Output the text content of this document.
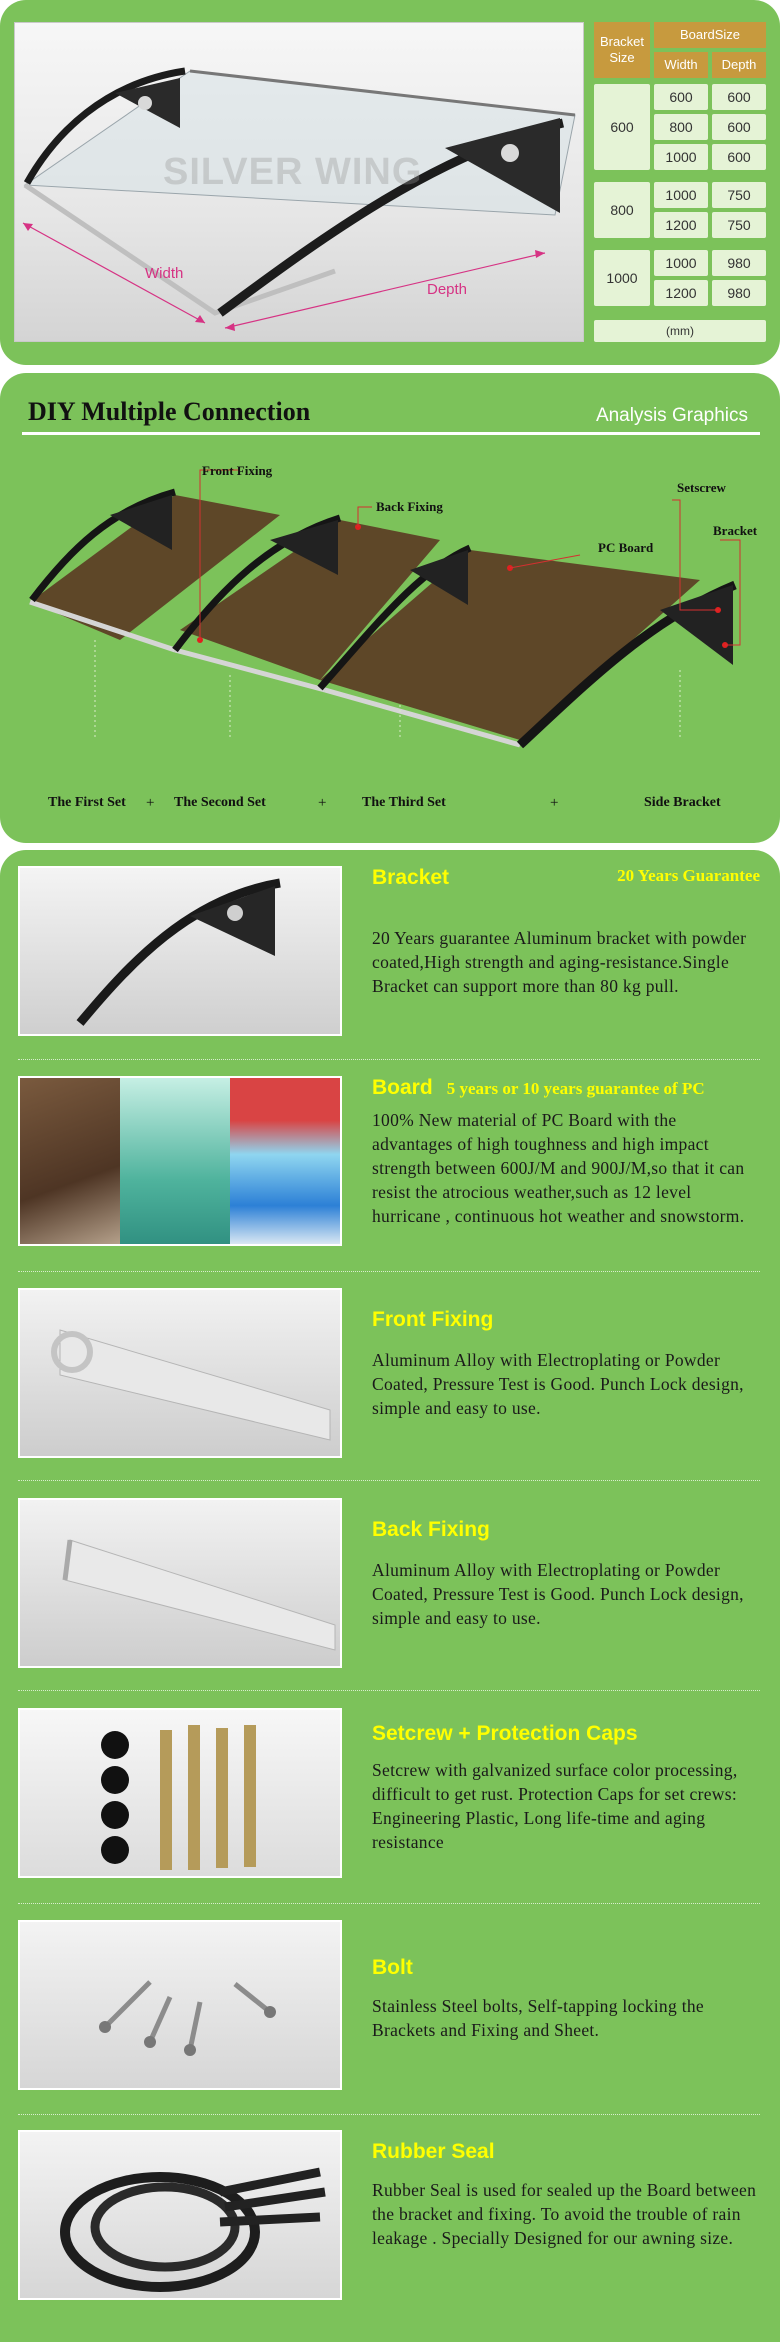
SILVER WING
Width
Depth
Bracket Size
BoardSize
Width	Depth
600
600	600
800	600
1000	600
800
1000	750
1200	750
1000
1000	980
1200	980
(mm)
DIY Multiple Connection	Analysis Graphics
Front Fixing
Back Fixing
Setscrew
PC Board
Bracket
The First Set + The Second Set	+	The Third Set	+	Side Bracket
Bracket	20 Years Guarantee
20 Years guarantee Aluminum bracket with powder coated,High strength and aging-resistance.Single Bracket can support more than 80 kg pull.
Board 5 years or 10 years guarantee of PC
100% New material of PC Board with the advantages of high toughness and high impact strength between 600J/M and 900J/M,so that it can resist the atrocious weather,such as 12 level hurricane , continuous hot weather and snowstorm.
Front Fixing
Aluminum Alloy with Electroplating or Powder Coated, Pressure Test is Good. Punch Lock design, simple and easy to use.
Back Fixing
Aluminum Alloy with Electroplating or Powder Coated, Pressure Test is Good. Punch Lock design, simple and easy to use.
Setcrew + Protection Caps
Setcrew with galvanized surface color processing, difficult to get rust. Protection Caps for set crews: Engineering Plastic, Long life-time and aging resistance
Bolt
Stainless Steel bolts, Self-tapping locking the Brackets and Fixing and Sheet.
Rubber Seal
Rubber Seal is used for sealed up the Board between the bracket and fixing. To avoid the trouble of rain leakage . Specially Designed for our awning size.
